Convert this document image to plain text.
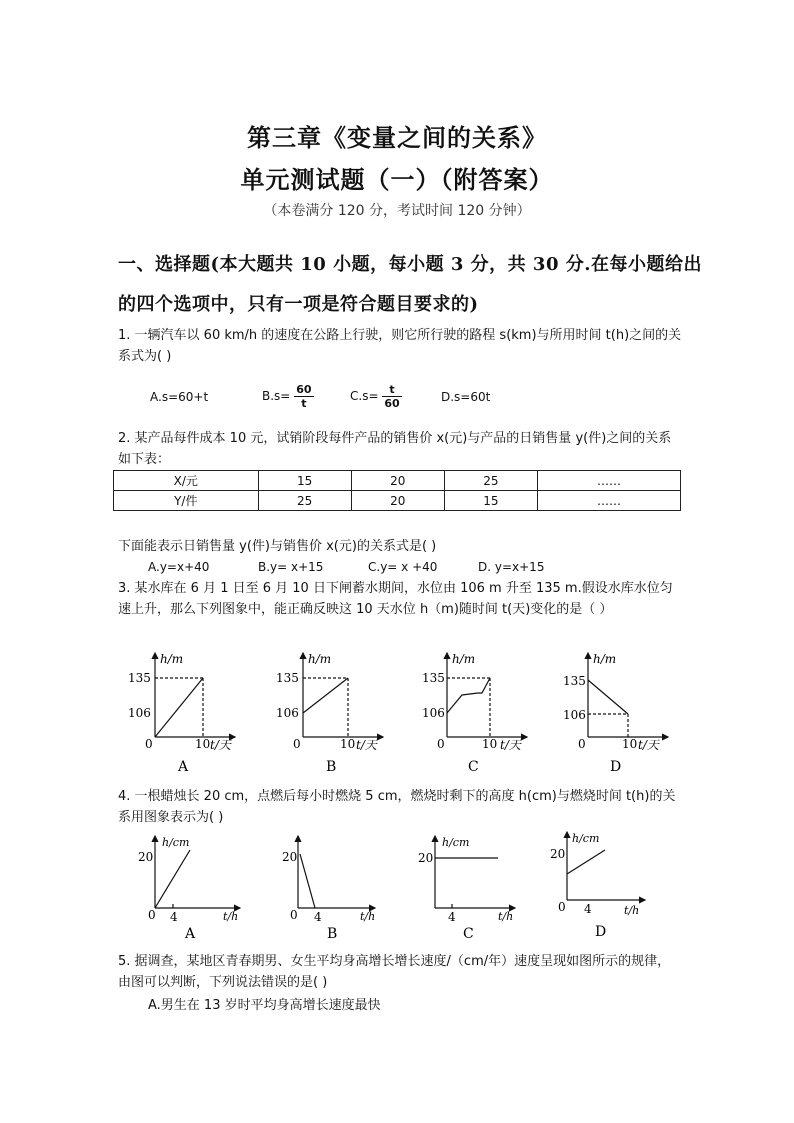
第三章《变量之间的关系》
单元测试题（一）（附答案）
（本卷满分 120 分，考试时间 120 分钟）
一、选择题(本大题共 10 小题，每小题 3 分，共 30 分.在每小题给出
的四个选项中，只有一项是符合题目要求的)
1. 一辆汽车以 60 km/h 的速度在公路上行驶，则它所行驶的路程 s(km)与所用时间 t(h)之间的关系式为( )
A.s=60+t	$B.s= \frac{60}{t}$	$C.s= \frac{t}{60}$	D.s=60t
2. 某产品每件成本 10 元，试销阶段每件产品的销售价 x(元)与产品的日销售量 y(件)之间的关系如下表：
X/元	15	20	25	……
Y/件	25	20	15	……
下面能表示日销售量 y(件)与销售价 x(元)的关系式是( )
A.y=x+40	B.y= x+15	C.y= x +40	D. y=x+15
3. 某水库在 6 月 1 日至 6 月 10 日下闸蓄水期间，水位由 106 m 升至 135 m.假设水库水位匀速上升，那么下列图象中，能正确反映这 10 天水位 h（m)随时间 t(天)变化的是（ ）
h/m
135
106
0	10 t/天
A
h/m
135
106
0	10 t/天
B
h/m
135
106
0	10 t/天
C
h/m
135
106
0	10 t/天
D
4. 一根蜡烛长 20 cm，点燃后每小时燃烧 5 cm，燃烧时剩下的高度 h(cm)与燃烧时间 t(h)的关系用图象表示为( )
h/cm
20
0 4	t/h
A
20
0 4	t/h
B
h/cm
20
4	t/h
C
h/cm
20
0 4	t/h
D
5. 据调查，某地区青春期男、女生平均身高增长增长速度/（cm/年）速度呈现如图所示的规律，由图可以判断，下列说法错误的是( )
A.男生在 13 岁时平均身高增长速度最快
